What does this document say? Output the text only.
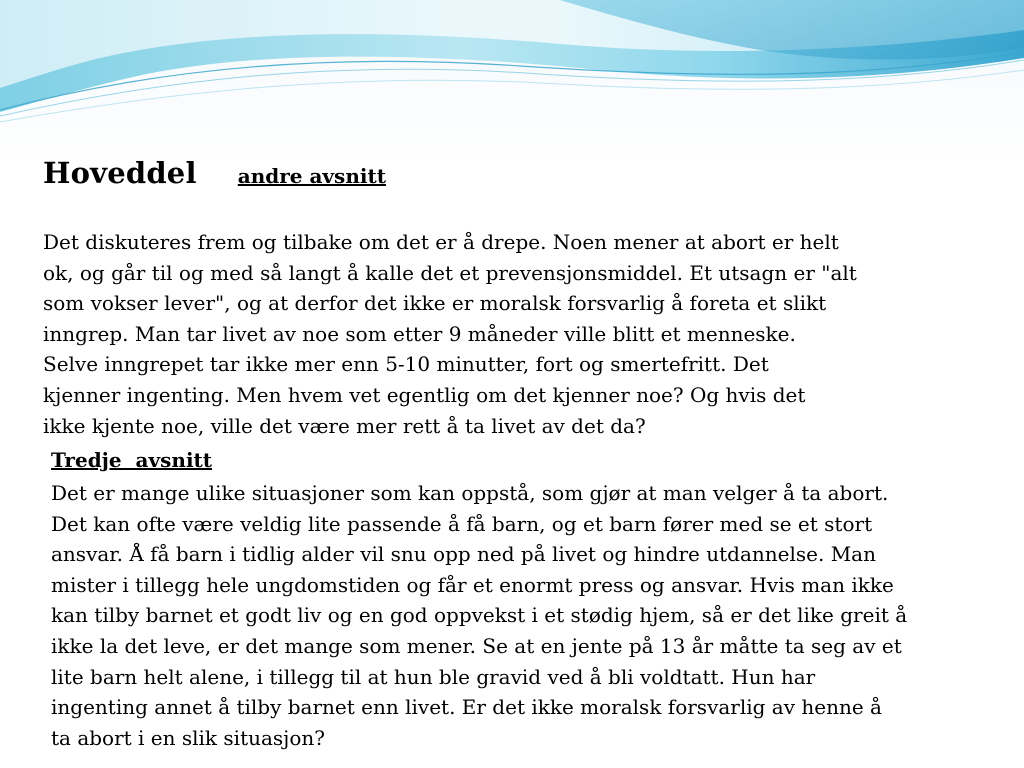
Hoveddel andre avsnitt
Det diskuteres frem og tilbake om det er å drepe. Noen mener at abort er helt
ok, og går til og med så langt å kalle det et prevensjonsmiddel. Et utsagn er "alt
som vokser lever", og at derfor det ikke er moralsk forsvarlig å foreta et slikt
inngrep. Man tar livet av noe som etter 9 måneder ville blitt et menneske.
Selve inngrepet tar ikke mer enn 5-10 minutter, fort og smertefritt. Det
kjenner ingenting. Men hvem vet egentlig om det kjenner noe? Og hvis det
ikke kjente noe, ville det være mer rett å ta livet av det da?
Tredje  avsnitt
Det er mange ulike situasjoner som kan oppstå, som gjør at man velger å ta abort.
Det kan ofte være veldig lite passende å få barn, og et barn fører med se et stort
ansvar. Å få barn i tidlig alder vil snu opp ned på livet og hindre utdannelse. Man
mister i tillegg hele ungdomstiden og får et enormt press og ansvar. Hvis man ikke
kan tilby barnet et godt liv og en god oppvekst i et stødig hjem, så er det like greit å
ikke la det leve, er det mange som mener. Se at en jente på 13 år måtte ta seg av et
lite barn helt alene, i tillegg til at hun ble gravid ved å bli voldtatt. Hun har
ingenting annet å tilby barnet enn livet. Er det ikke moralsk forsvarlig av henne å
ta abort i en slik situasjon?
